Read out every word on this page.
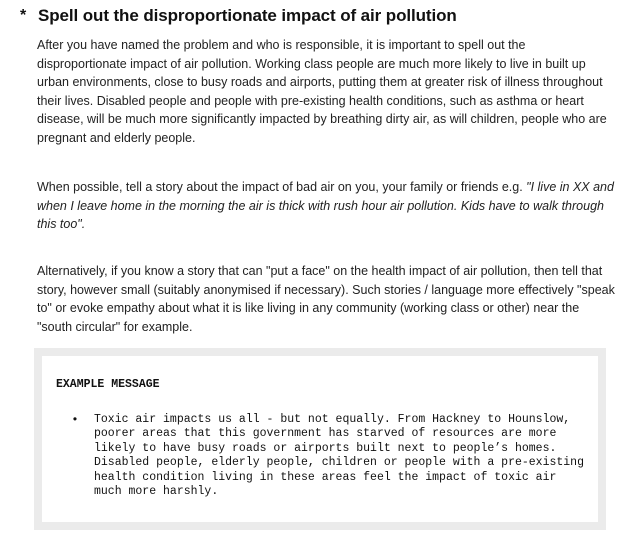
* Spell out the disproportionate impact of air pollution

After you have named the problem and who is responsible, it is important to spell out the disproportionate impact of air pollution. Working class people are much more likely to live in built up urban environments, close to busy roads and airports, putting them at greater risk of illness throughout their lives. Disabled people and people with pre-existing health conditions, such as asthma or heart disease, will be much more significantly impacted by breathing dirty air, as will children, people who are pregnant and elderly people.

When possible, tell a story about the impact of bad air on you, your family or friends e.g. "I live in XX and when I leave home in the morning the air is thick with rush hour air pollution. Kids have to walk through this too".

Alternatively, if you know a story that can "put a face" on the health impact of air pollution, then tell that story, however small (suitably anonymised if necessary). Such stories / language more effectively "speak to" or evoke empathy about what it is like living in any community (working class or other) near the "south circular" for example.

EXAMPLE MESSAGE
•	Toxic air impacts us all - but not equally. From Hackney to Hounslow, poorer areas that this government has starved of resources are more likely to have busy roads or airports built next to people’s homes. Disabled people, elderly people, children or people with a pre-existing health condition living in these areas feel the impact of toxic air much more harshly.
